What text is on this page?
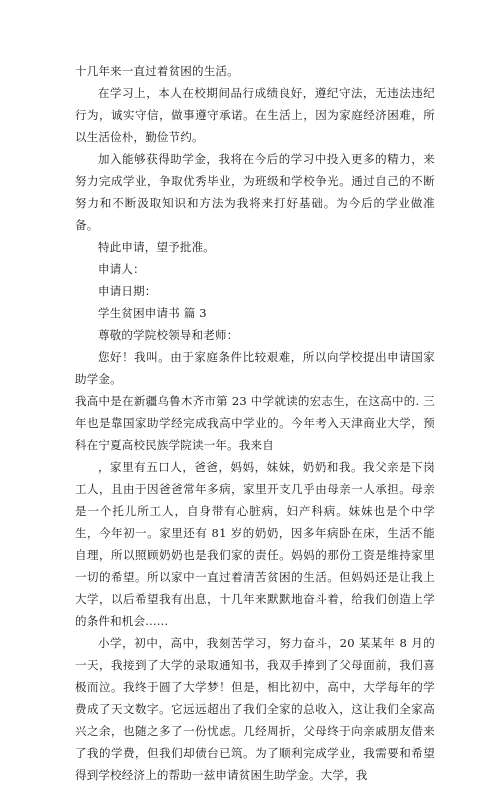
十几年来一直过着贫困的生活。

在学习上，本人在校期间品行成绩良好，遵纪守法，无违法违纪行为，诚实守信，做事遵守承诺。在生活上，因为家庭经济困难，所以生活俭朴，勤俭节约。

加入能够获得助学金，我将在今后的学习中投入更多的精力，来努力完成学业，争取优秀毕业，为班级和学校争光。通过自己的不断努力和不断汲取知识和方法为我将来打好基础。为今后的学业做准备。

特此申请，望予批准。

申请人：

申请日期：

学生贫困申请书 篇 3

尊敬的学院校领导和老师：

您好！我叫。由于家庭条件比较艰难，所以向学校提出申请国家助学金。

我高中是在新疆乌鲁木齐市第 23 中学就读的宏志生，在这高中的. 三年也是靠国家助学经完成我高中学业的。今年考入天津商业大学，预科在宁夏高校民族学院读一年。我来自

，家里有五口人，爸爸，妈妈，妹妹，奶奶和我。我父亲是下岗工人，且由于因爸爸常年多病，家里开支几乎由母亲一人承担。母亲是一个托儿所工人，自身带有心脏病，妇产科病。妹妹也是个中学生，今年初一。家里还有 81 岁的奶奶，因多年病卧在床，生活不能自理，所以照顾奶奶也是我们家的责任。妈妈的那份工资是维持家里一切的希望。所以家中一直过着清苦贫困的生活。但妈妈还是让我上大学，以后希望我有出息，十几年来默默地奋斗着，给我们创造上学的条件和机会......

小学，初中，高中，我刻苦学习，努力奋斗，20 某某年 8 月的一天，我接到了大学的录取通知书，我双手捧到了父母面前，我们喜极而泣。我终于圆了大学梦！但是，相比初中，高中，大学每年的学费成了天文数字。它远远超出了我们全家的总收入，这让我们全家高兴之余，也随之多了一份忧虑。几经周折，父母终于向亲戚朋友借来了我的学费，但我们却债台已筑。为了顺利完成学业，我需要和希望得到学校经济上的帮助一兹申请贫困生助学金。大学，我
